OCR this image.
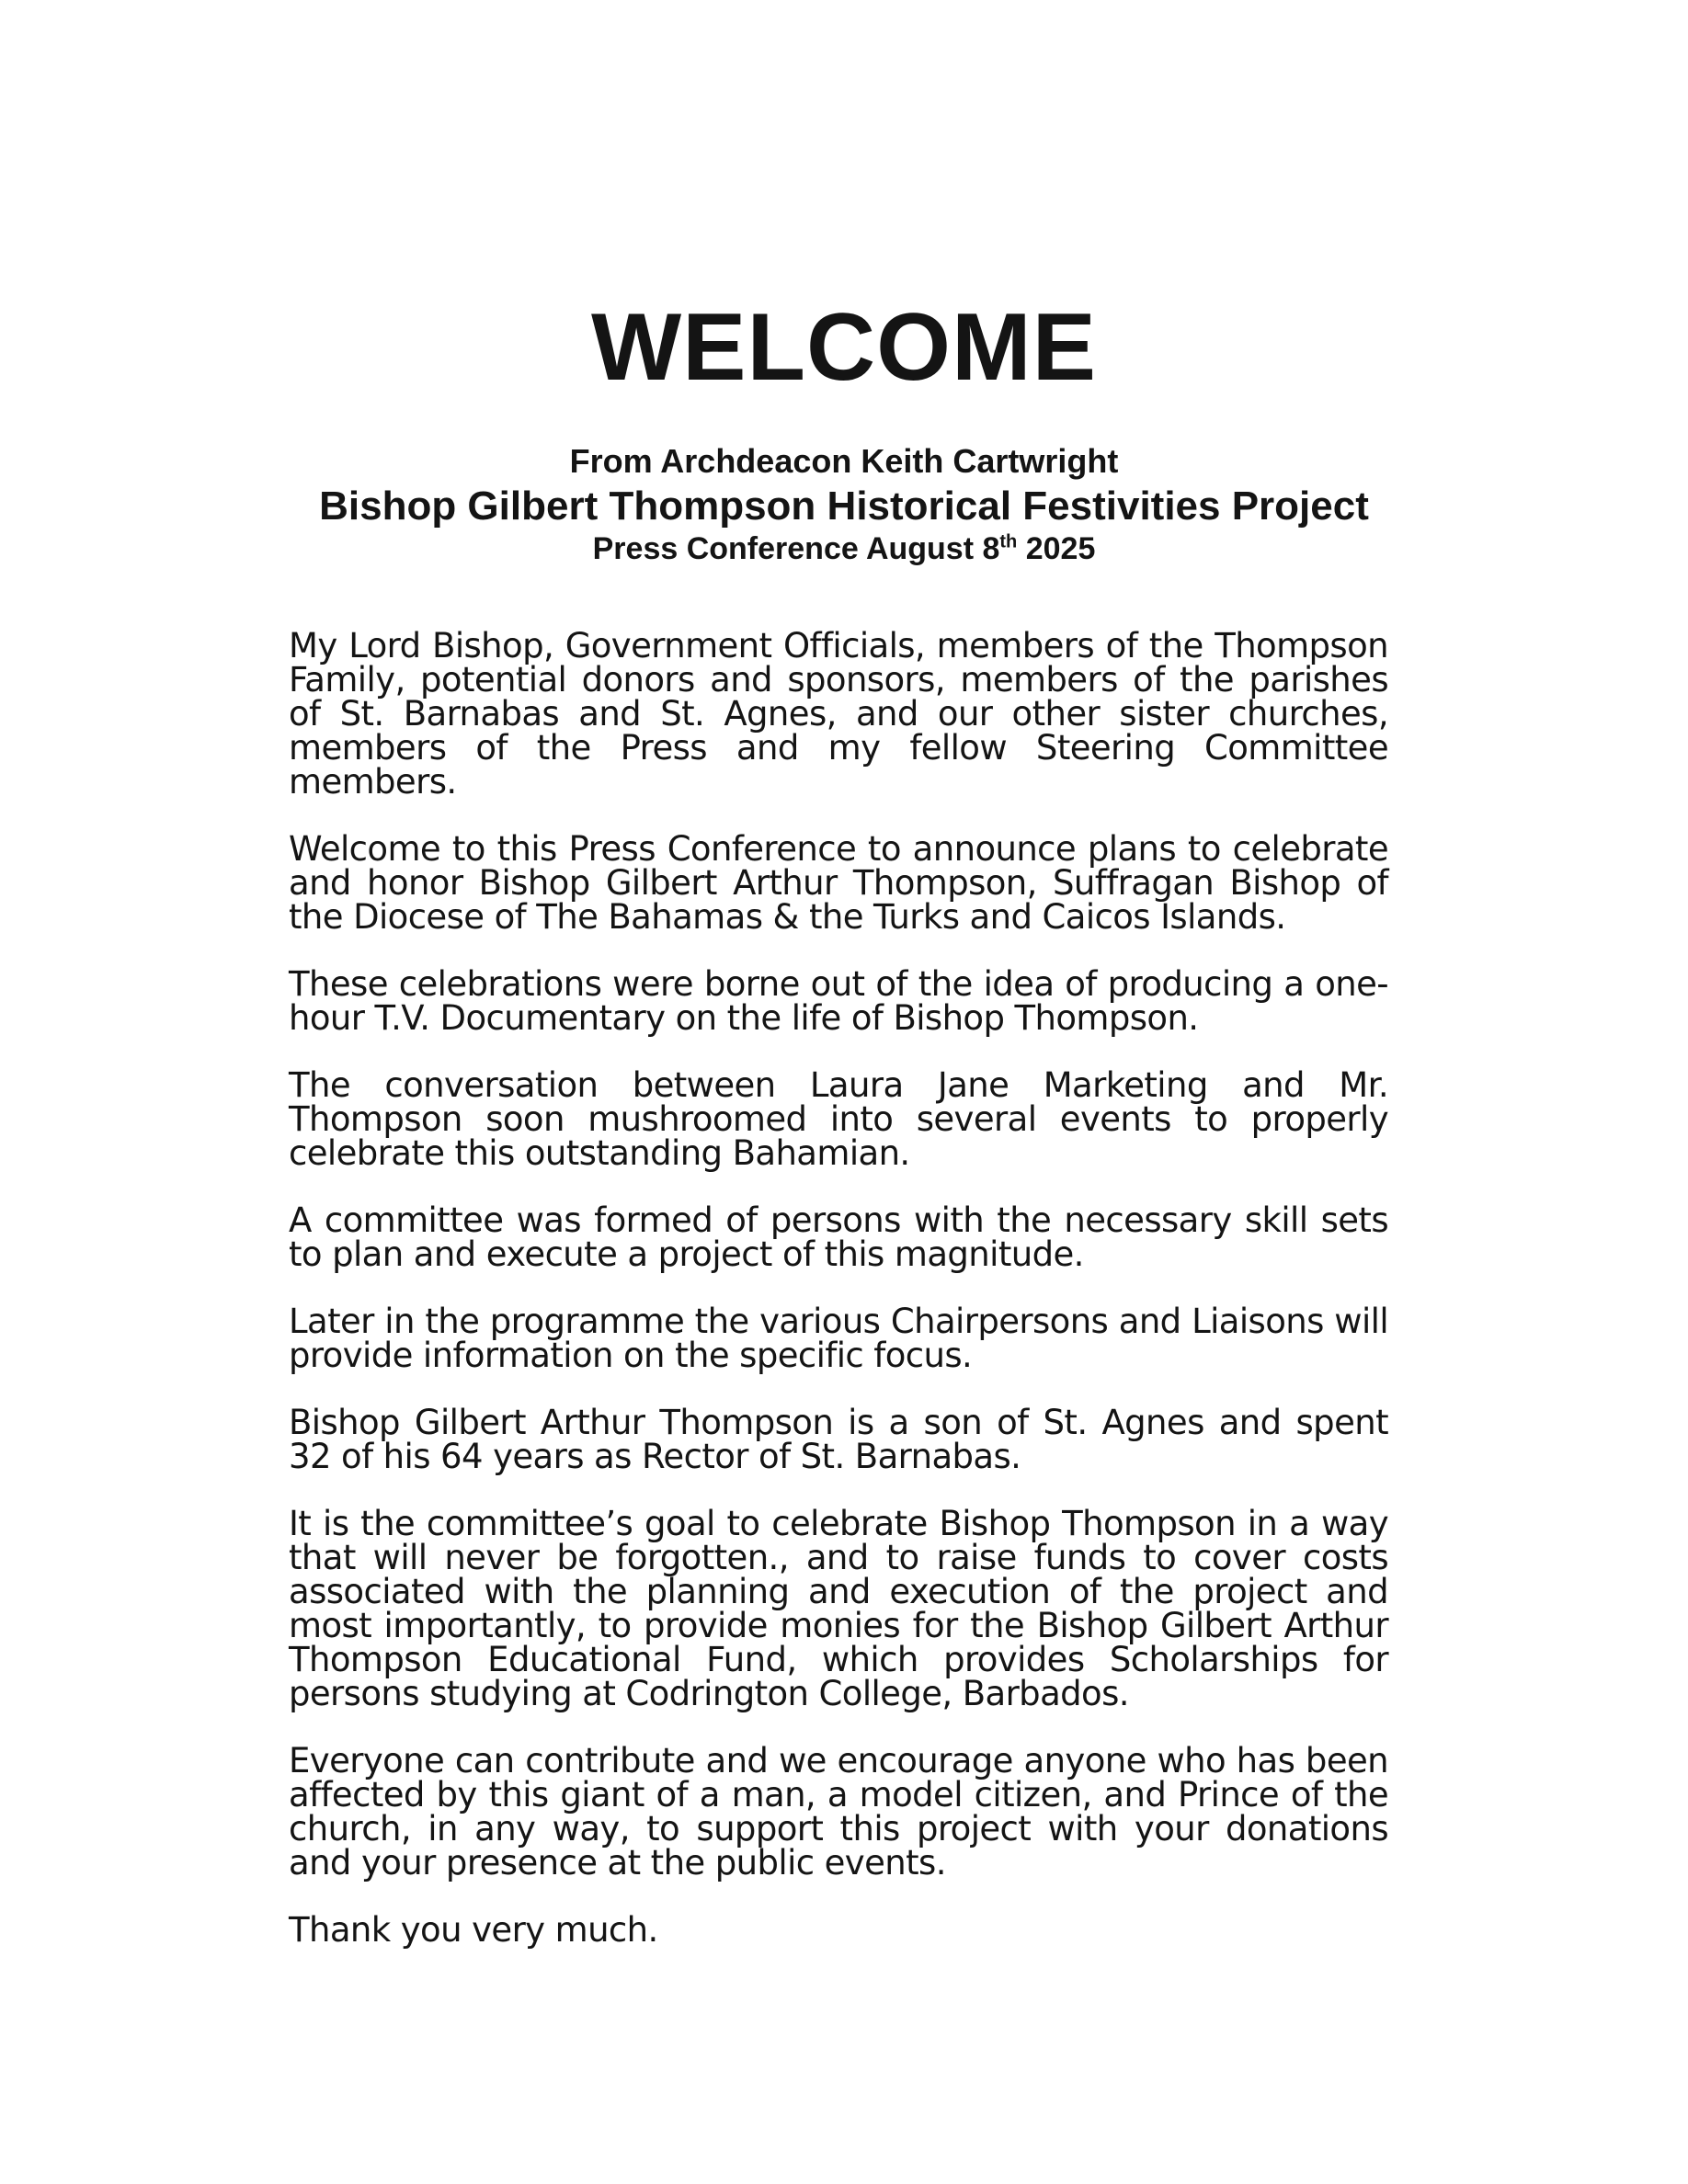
WELCOME
From Archdeacon Keith Cartwright
Bishop Gilbert Thompson Historical Festivities Project
Press Conference August 8th 2025

My Lord Bishop, Government Officials, members of the Thompson Family, potential donors and sponsors, members of the parishes of St. Barnabas and St. Agnes, and our other sister churches, members of the Press and my fellow Steering Committee members.

Welcome to this Press Conference to announce plans to celebrate and honor Bishop Gilbert Arthur Thompson, Suffragan Bishop of the Diocese of The Bahamas & the Turks and Caicos Islands.

These celebrations were borne out of the idea of producing a one-hour T.V. Documentary on the life of Bishop Thompson.

The conversation between Laura Jane Marketing and Mr. Thompson soon mushroomed into several events to properly celebrate this outstanding Bahamian.

A committee was formed of persons with the necessary skill sets to plan and execute a project of this magnitude.

Later in the programme the various Chairpersons and Liaisons will provide information on the specific focus.

Bishop Gilbert Arthur Thompson is a son of St. Agnes and spent 32 of his 64 years as Rector of St. Barnabas.

It is the committee’s goal to celebrate Bishop Thompson in a way that will never be forgotten., and to raise funds to cover costs associated with the planning and execution of the project and most importantly, to provide monies for the Bishop Gilbert Arthur Thompson Educational Fund, which provides Scholarships for persons studying at Codrington College, Barbados.

Everyone can contribute and we encourage anyone who has been affected by this giant of a man, a model citizen, and Prince of the church, in any way, to support this project with your donations and your presence at the public events.

Thank you very much.
